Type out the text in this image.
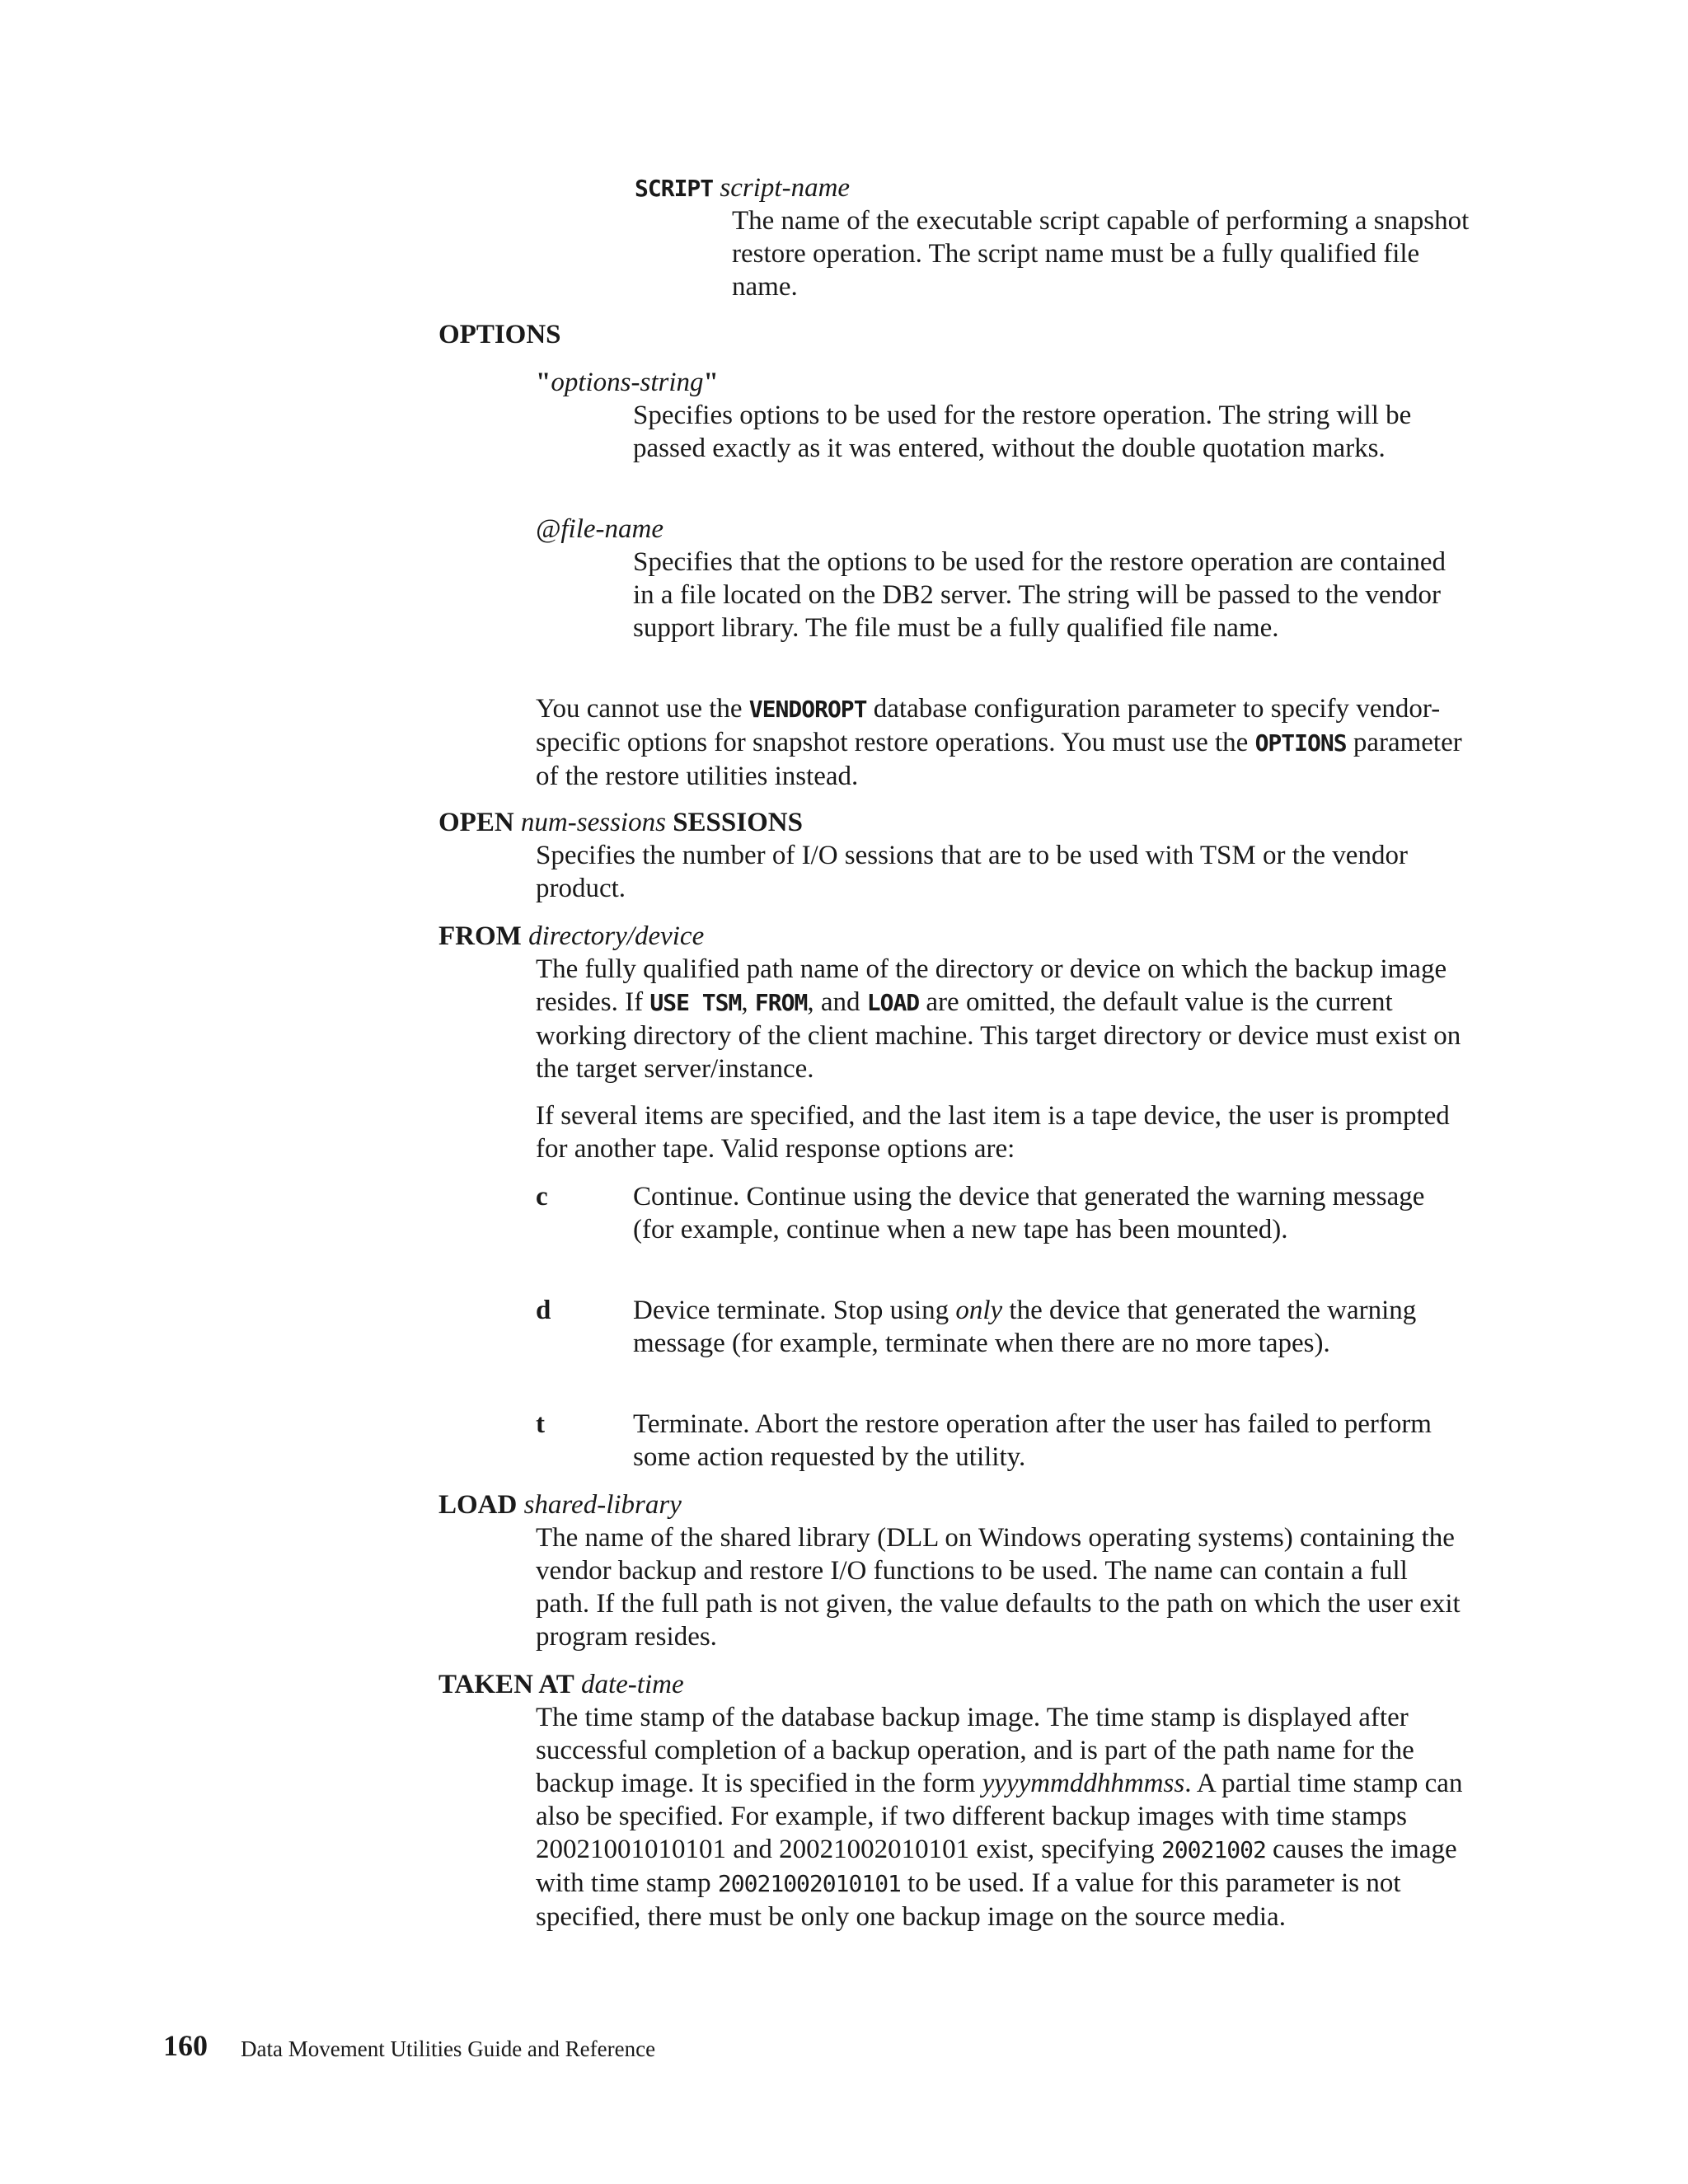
SCRIPT script-name
The name of the executable script capable of performing a snapshot restore operation. The script name must be a fully qualified file name.
OPTIONS
"options-string"
Specifies options to be used for the restore operation. The string will be passed exactly as it was entered, without the double quotation marks.
@file-name
Specifies that the options to be used for the restore operation are contained in a file located on the DB2 server. The string will be passed to the vendor support library. The file must be a fully qualified file name.
You cannot use the VENDOROPT database configuration parameter to specify vendor-specific options for snapshot restore operations. You must use the OPTIONS parameter of the restore utilities instead.
OPEN num-sessions SESSIONS
Specifies the number of I/O sessions that are to be used with TSM or the vendor product.
FROM directory/device
The fully qualified path name of the directory or device on which the backup image resides. If USE TSM, FROM, and LOAD are omitted, the default value is the current working directory of the client machine. This target directory or device must exist on the target server/instance.
If several items are specified, and the last item is a tape device, the user is prompted for another tape. Valid response options are:
c	Continue. Continue using the device that generated the warning message (for example, continue when a new tape has been mounted).
d	Device terminate. Stop using only the device that generated the warning message (for example, terminate when there are no more tapes).
t	Terminate. Abort the restore operation after the user has failed to perform some action requested by the utility.
LOAD shared-library
The name of the shared library (DLL on Windows operating systems) containing the vendor backup and restore I/O functions to be used. The name can contain a full path. If the full path is not given, the value defaults to the path on which the user exit program resides.
TAKEN AT date-time
The time stamp of the database backup image. The time stamp is displayed after successful completion of a backup operation, and is part of the path name for the backup image. It is specified in the form yyyymmddhhmmss. A partial time stamp can also be specified. For example, if two different backup images with time stamps 20021001010101 and 20021002010101 exist, specifying 20021002 causes the image with time stamp 20021002010101 to be used. If a value for this parameter is not specified, there must be only one backup image on the source media.
160 Data Movement Utilities Guide and Reference
